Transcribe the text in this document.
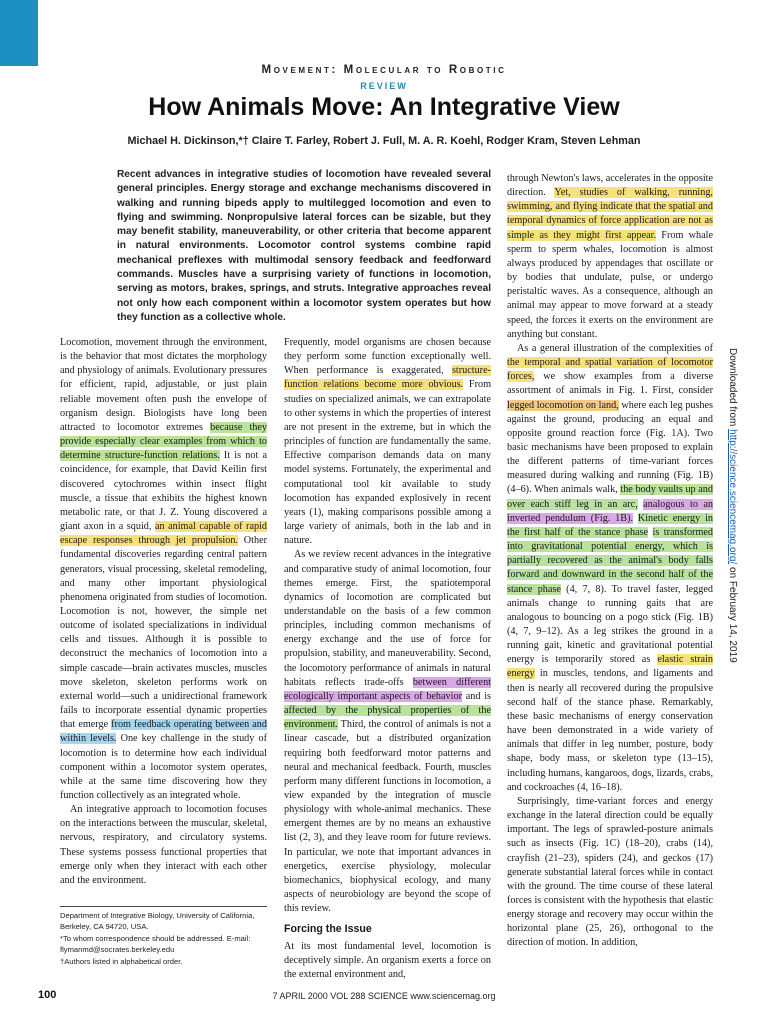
Movement: Molecular to Robotic
REVIEW
How Animals Move: An Integrative View
Michael H. Dickinson,*† Claire T. Farley, Robert J. Full, M. A. R. Koehl, Rodger Kram, Steven Lehman

Recent advances in integrative studies of locomotion have revealed several general principles. Energy storage and exchange mechanisms discovered in walking and running bipeds apply to multilegged locomotion and even to flying and swimming. Nonpropulsive lateral forces can be sizable, but they may benefit stability, maneuverability, or other criteria that become apparent in natural environments. Locomotor control systems combine rapid mechanical preflexes with multimodal sensory feedback and feedforward commands. Muscles have a surprising variety of functions in locomotion, serving as motors, brakes, springs, and struts. Integrative approaches reveal not only how each component within a locomotor system operates but how they function as a collective whole.

Locomotion, movement through the environment, is the behavior that most dictates the morphology and physiology of animals. Evolutionary pressures for efficient, rapid, adjustable, or just plain reliable movement often push the envelope of organism design. Biologists have long been attracted to locomotor extremes because they provide especially clear examples from which to determine structure-function relations. It is not a coincidence, for example, that David Keilin first discovered cytochromes within insect flight muscle, a tissue that exhibits the highest known metabolic rate, or that J. Z. Young discovered a giant axon in a squid, an animal capable of rapid escape responses through jet propulsion. Other fundamental discoveries regarding central pattern generators, visual processing, skeletal remodeling, and many other important physiological phenomena originated from studies of locomotion. Locomotion is not, however, the simple net outcome of isolated specializations in individual cells and tissues. Although it is possible to deconstruct the mechanics of locomotion into a simple cascade—brain activates muscles, muscles move skeleton, skeleton performs work on external world—such a unidirectional framework fails to incorporate essential dynamic properties that emerge from feedback operating between and within levels. One key challenge in the study of locomotion is to determine how each individual component within a locomotor system operates, while at the same time discovering how they function collectively as an integrated whole.

An integrative approach to locomotion focuses on the interactions between the muscular, skeletal, nervous, respiratory, and circulatory systems. These systems possess functional properties that emerge only when they interact with each other and the environment.

Frequently, model organisms are chosen because they perform some function exceptionally well. When performance is exaggerated, structure-function relations become more obvious. From studies on specialized animals, we can extrapolate to other systems in which the properties of interest are not present in the extreme, but in which the principles of function are fundamentally the same. Effective comparison demands data on many model systems. Fortunately, the experimental and computational tool kit available to study locomotion has expanded explosively in recent years (1), making comparisons possible among a large variety of animals, both in the lab and in nature.

As we review recent advances in the integrative and comparative study of animal locomotion, four themes emerge. First, the spatiotemporal dynamics of locomotion are complicated but understandable on the basis of a few common principles, including common mechanisms of energy exchange and the use of force for propulsion, stability, and maneuverability. Second, the locomotory performance of animals in natural habitats reflects trade-offs between different ecologically important aspects of behavior and is affected by the physical properties of the environment. Third, the control of animals is not a linear cascade, but a distributed organization requiring both feedforward motor patterns and neural and mechanical feedback. Fourth, muscles perform many different functions in locomotion, a view expanded by the integration of muscle physiology with whole-animal mechanics. These emergent themes are by no means an exhaustive list (2, 3), and they leave room for future reviews. In particular, we note that important advances in energetics, exercise physiology, molecular biomechanics, biophysical ecology, and many aspects of neurobiology are beyond the scope of this review.

Forcing the Issue

At its most fundamental level, locomotion is deceptively simple. An organism exerts a force on the external environment and,

through Newton's laws, accelerates in the opposite direction. Yet, studies of walking, running, swimming, and flying indicate that the spatial and temporal dynamics of force application are not as simple as they might first appear. From whale sperm to sperm whales, locomotion is almost always produced by appendages that oscillate or by bodies that undulate, pulse, or undergo peristaltic waves. As a consequence, although an animal may appear to move forward at a steady speed, the forces it exerts on the environment are anything but constant.

As a general illustration of the complexities of the temporal and spatial variation of locomotor forces, we show examples from a diverse assortment of animals in Fig. 1. First, consider legged locomotion on land, where each leg pushes against the ground, producing an equal and opposite ground reaction force (Fig. 1A). Two basic mechanisms have been proposed to explain the different patterns of time-variant forces measured during walking and running (Fig. 1B) (4–6). When animals walk, the body vaults up and over each stiff leg in an arc, analogous to an inverted pendulum (Fig. 1B). Kinetic energy in the first half of the stance phase is transformed into gravitational potential energy, which is partially recovered as the animal's body falls forward and downward in the second half of the stance phase (4, 7, 8). To travel faster, legged animals change to running gaits that are analogous to bouncing on a pogo stick (Fig. 1B) (4, 7, 9–12). As a leg strikes the ground in a running gait, kinetic and gravitational potential energy is temporarily stored as elastic strain energy in muscles, tendons, and ligaments and then is nearly all recovered during the propulsive second half of the stance phase. Remarkably, these basic mechanisms of energy conservation have been demonstrated in a wide variety of animals that differ in leg number, posture, body shape, body mass, or skeleton type (13–15), including humans, kangaroos, dogs, lizards, crabs, and cockroaches (4, 16–18).

Surprisingly, time-variant forces and energy exchange in the lateral direction could be equally important. The legs of sprawled-posture animals such as insects (Fig. 1C) (18–20), crabs (14), crayfish (21–23), spiders (24), and geckos (17) generate substantial lateral forces while in contact with the ground. The time course of these lateral forces is consistent with the hypothesis that elastic energy storage and recovery may occur within the horizontal plane (25, 26), orthogonal to the direction of motion. In addition,

Department of Integrative Biology, University of California, Berkeley, CA 94720, USA.
*To whom correspondence should be addressed. E-mail: flymanmd@socrates.berkeley.edu
†Authors listed in alphabetical order.
Downloaded from http://science.sciencemag.org/ on February 14, 2019
100	7 APRIL 2000 VOL 288 SCIENCE www.sciencemag.org
